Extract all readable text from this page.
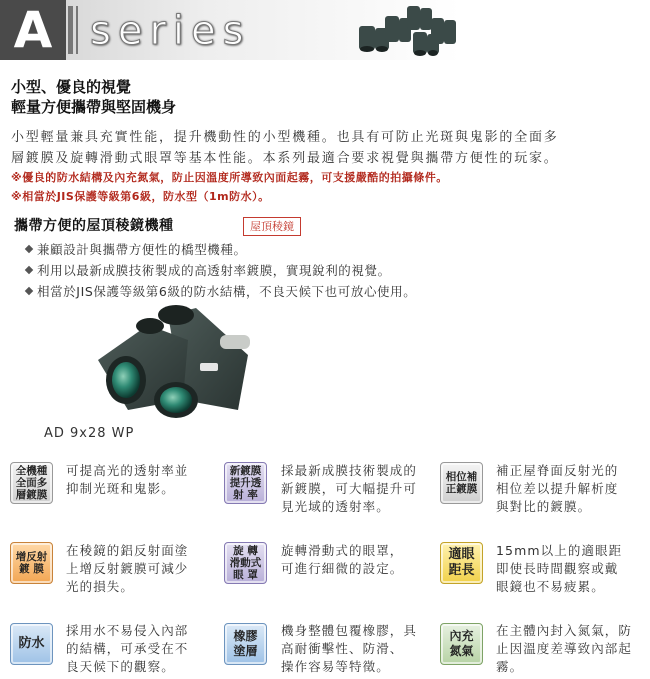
A series
小型、優良的視覺
輕量方便攜帶與堅固機身
小型輕量兼具充實性能，提升機動性的小型機種。也具有可防止光斑與鬼影的全面多
層鍍膜及旋轉滑動式眼罩等基本性能。本系列最適合要求視覺與攜帶方便性的玩家。
※優良的防水結構及內充氮氣，防止因溫度所導致內面起霧，可支援嚴酷的拍攝條件。
※相當於JIS保護等級第6級，防水型（1m防水）。
攜帶方便的屋頂稜鏡機種	屋頂稜鏡
兼顧設計與攜帶方便性的橋型機種。
利用以最新成膜技術製成的高透射率鍍膜，實現銳利的視覺。
相當於JIS保護等級第6級的防水結構，不良天候下也可放心使用。
AD 9x28 WP
全機種
全面多
層鍍膜
可提高光的透射率並
抑制光斑和鬼影。
新鍍膜
提升透
射 率
採最新成膜技術製成的
新鍍膜，可大幅提升可
見光域的透射率。
相位補
正鍍膜
補正屋脊面反射光的
相位差以提升解析度
與對比的鍍膜。
增反射
鍍 膜
在稜鏡的鋁反射面塗
上增反射鍍膜可減少
光的損失。
旋 轉
滑動式
眼 罩
旋轉滑動式的眼罩，
可進行細微的設定。
適眼
距長
15mm以上的適眼距
即使長時間觀察或戴
眼鏡也不易疲累。
防水
採用水不易侵入內部
的結構，可承受在不
良天候下的觀察。
橡膠
塗層
機身整體包覆橡膠，具
高耐衝擊性、防滑、
操作容易等特徵。
內充
氮氣
在主體內封入氮氣，防
止因溫度差導致內部起
霧。
